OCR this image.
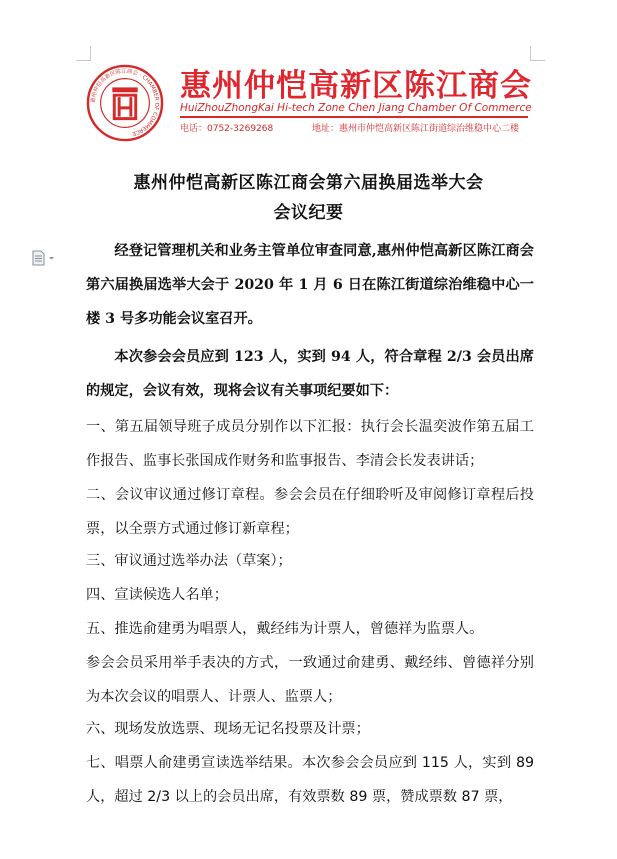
惠州仲恺高新区陈江商会 · CHAMBER OF COMMERCE
惠州仲恺高新区陈江商会
HuiZhouZhongKai Hi-tech Zone Chen Jiang Chamber Of Commerce
电话：0752-3269268	地址：惠州市仲恺高新区陈江街道综治维稳中心二楼
惠州仲恺高新区陈江商会第六届换届选举大会
会议纪要
经登记管理机关和业务主管单位审查同意,惠州仲恺高新区陈江商会第六届换届选举大会于 2020 年 1 月 6 日在陈江街道综治维稳中心一楼 3 号多功能会议室召开。
本次参会会员应到 123 人，实到 94 人，符合章程 2/3 会员出席的规定，会议有效，现将会议有关事项纪要如下：
一、第五届领导班子成员分别作以下汇报：执行会长温奕波作第五届工作报告、监事长张国成作财务和监事报告、李清会长发表讲话；
二、会议审议通过修订章程。参会会员在仔细聆听及审阅修订章程后投票，以全票方式通过修订新章程；
三、审议通过选举办法（草案）；
四、宣读候选人名单；
五、推选俞建勇为唱票人，戴经纬为计票人，曾德祥为监票人。
参会会员采用举手表决的方式，一致通过俞建勇、戴经纬、曾德祥分别为本次会议的唱票人、计票人、监票人；
六、现场发放选票、现场无记名投票及计票；
七、唱票人俞建勇宣读选举结果。本次参会会员应到 115 人，实到 89 人，超过 2/3 以上的会员出席，有效票数 89 票，赞成票数 87 票，
